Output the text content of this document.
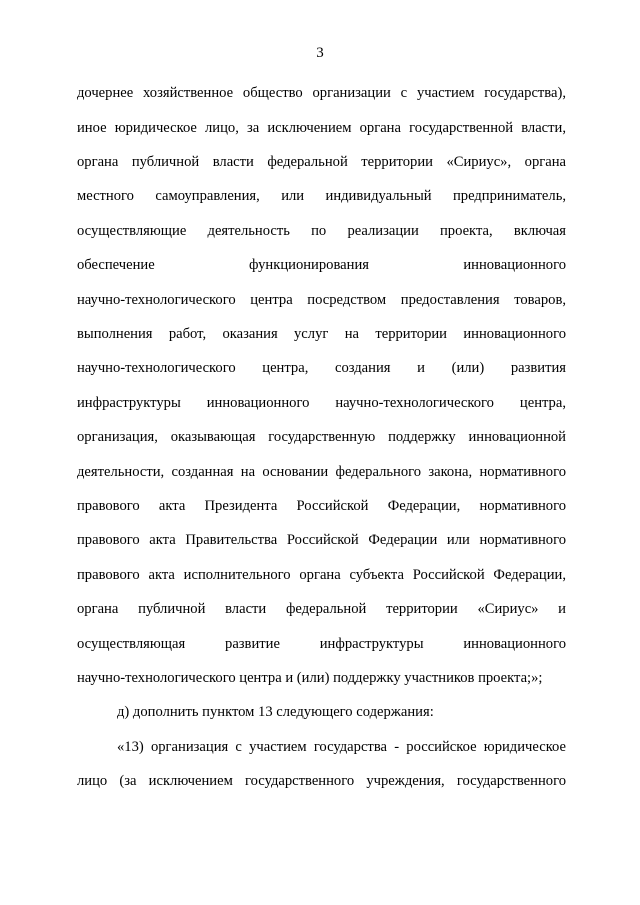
3
дочернее хозяйственное общество организации с участием государства),
иное юридическое лицо, за исключением органа государственной власти,
органа публичной власти федеральной территории «Сириус», органа
местного самоуправления, или индивидуальный предприниматель,
осуществляющие деятельность по реализации проекта, включая
обеспечение функционирования инновационного
научно-технологического центра посредством предоставления товаров,
выполнения работ, оказания услуг на территории инновационного
научно-технологического центра, создания и (или) развития
инфраструктуры инновационного научно-технологического центра,
организация, оказывающая государственную поддержку инновационной
деятельности, созданная на основании федерального закона, нормативного
правового акта Президента Российской Федерации, нормативного
правового акта Правительства Российской Федерации или нормативного
правового акта исполнительного органа субъекта Российской Федерации,
органа публичной власти федеральной территории «Сириус» и
осуществляющая развитие инфраструктуры инновационного
научно-технологического центра и (или) поддержку участников проекта;»;
д) дополнить пунктом 13 следующего содержания:
«13) организация с участием государства - российское юридическое
лицо (за исключением государственного учреждения, государственного
